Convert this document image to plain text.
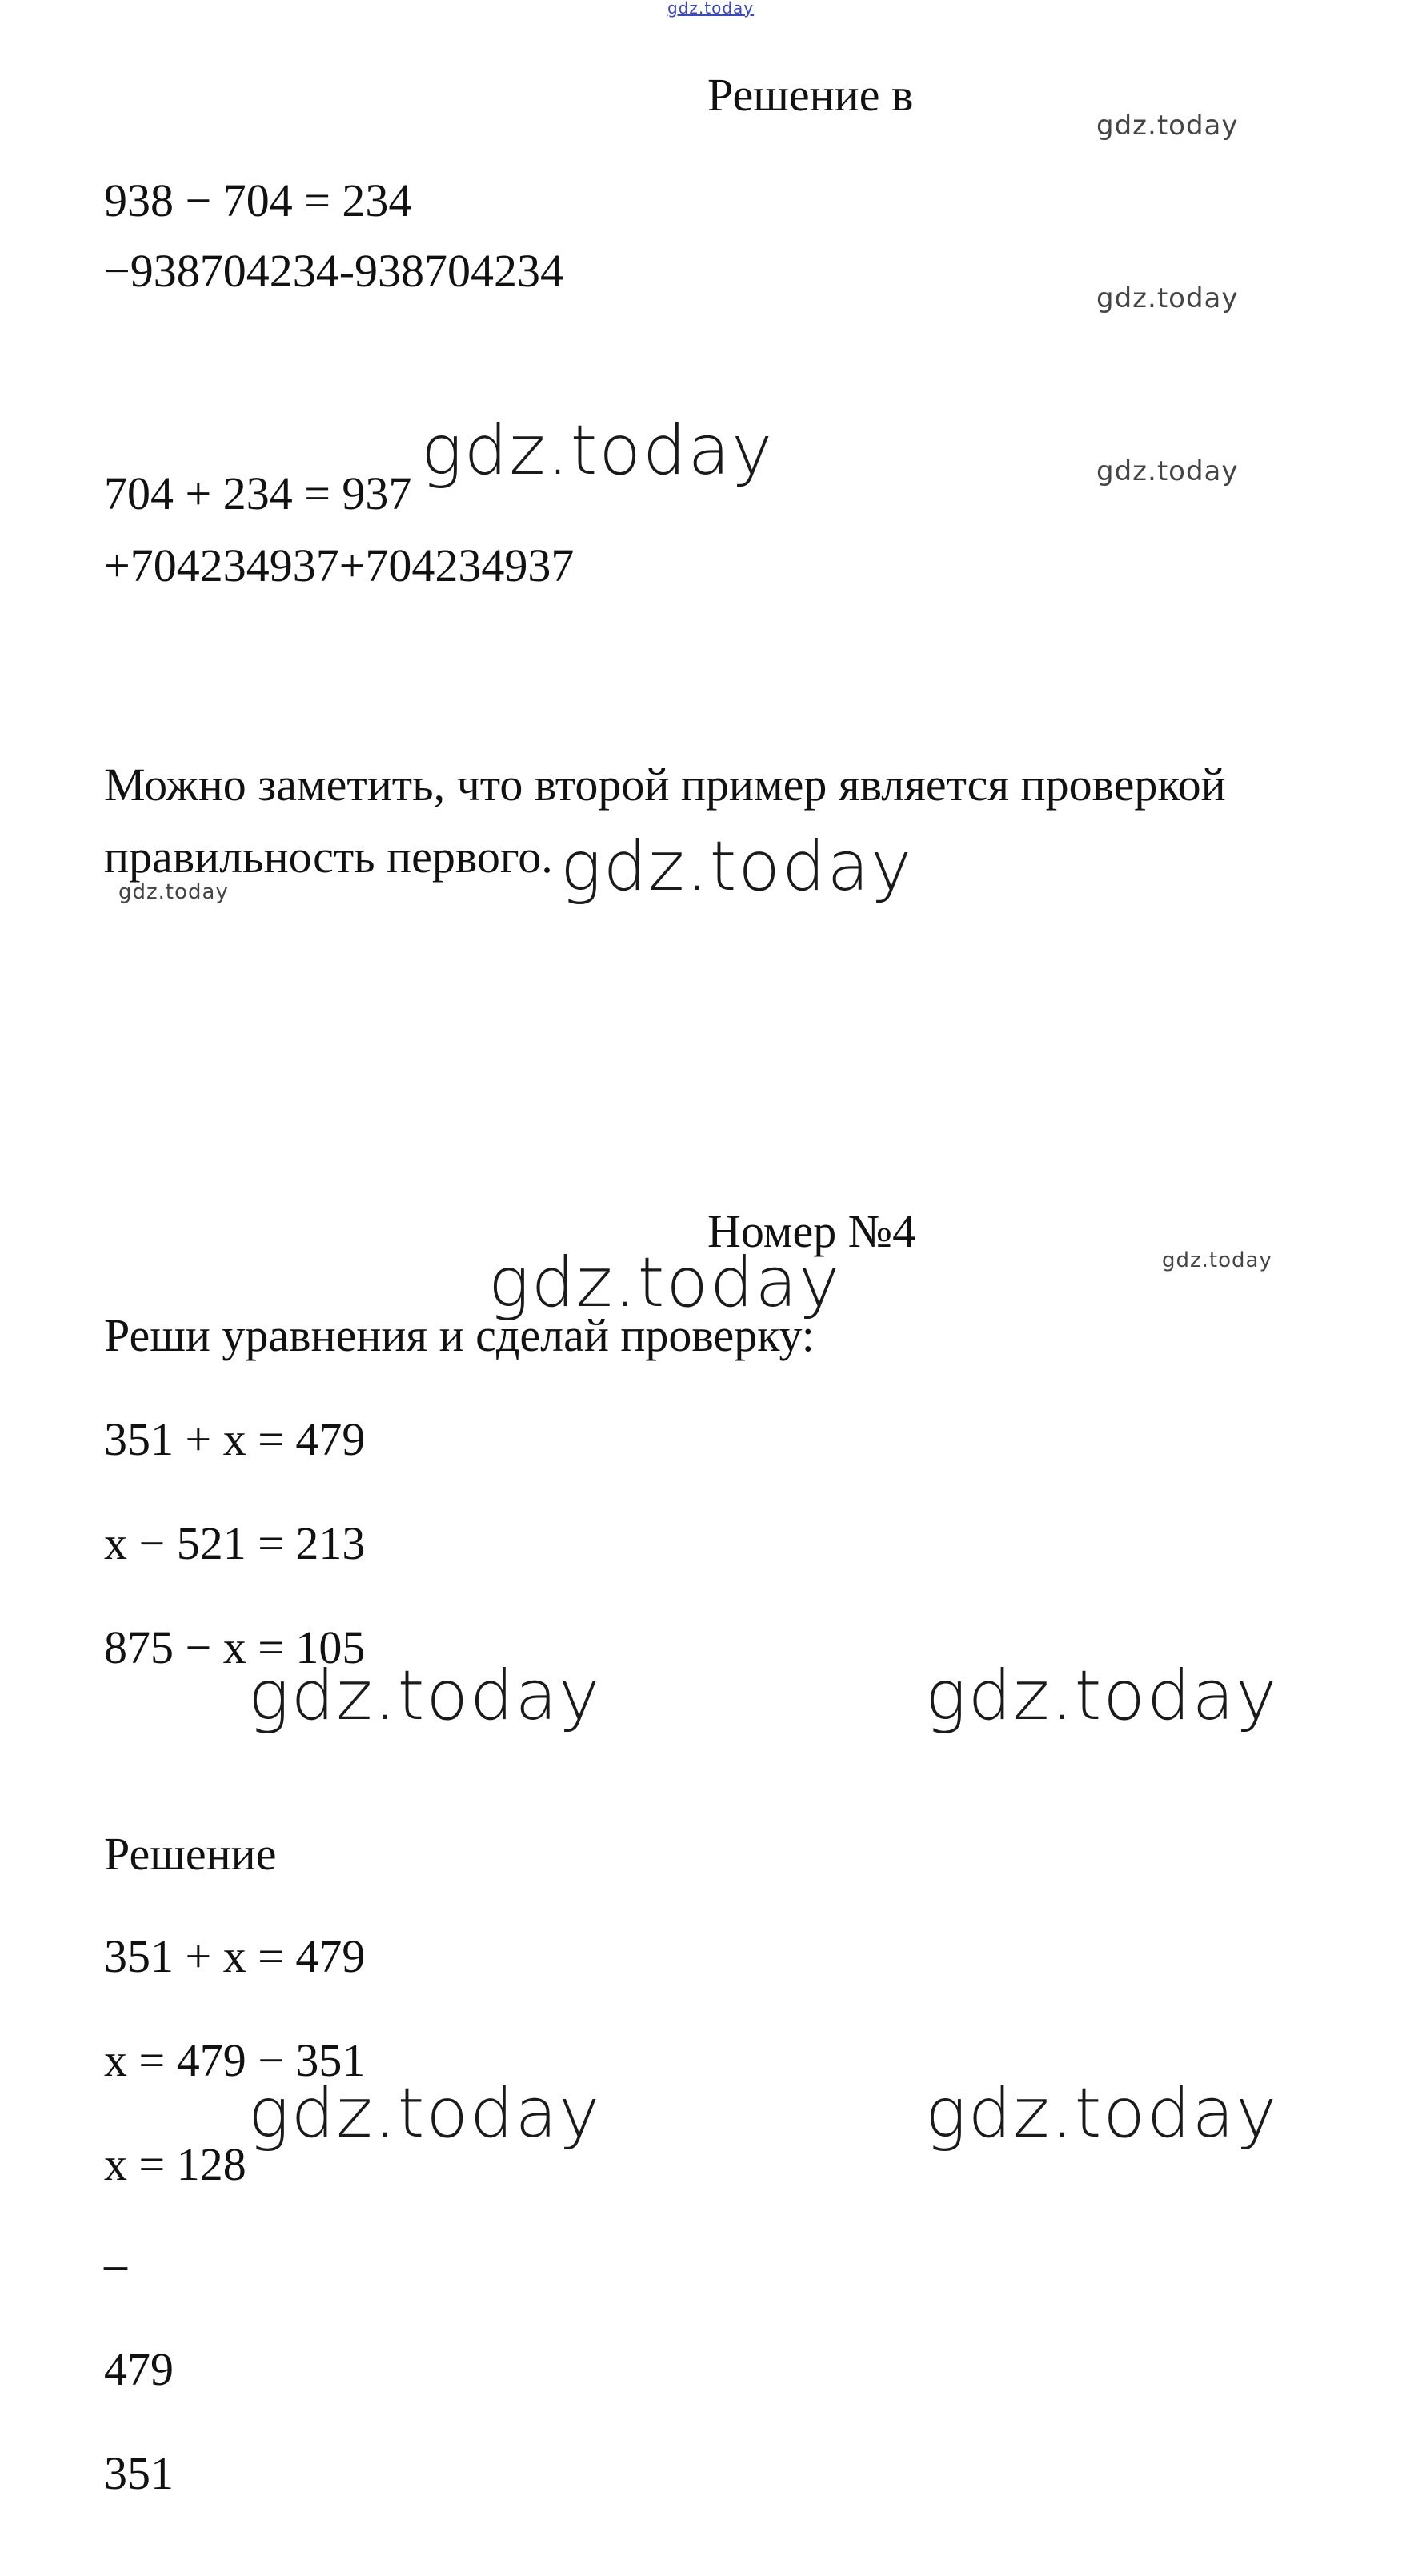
gdz.today
Решение в
gdz.today
938 − 704 = 234
−938704234-938704234
gdz.today
gdz.today	gdz.today
704 + 234 = 937
+704234937+704234937
Можно заметить, что второй пример является проверкой
правильность первого. gdz.today
gdz.today
Номер №4
gdz.today
gdz.today
Реши уравнения и сделай проверку:
351 + x = 479
x − 521 = 213
875 − x = 105
gdz.today	gdz.today
Решение
351 + x = 479
x = 479 − 351
gdz.today	gdz.today
x = 128
–
479
351
